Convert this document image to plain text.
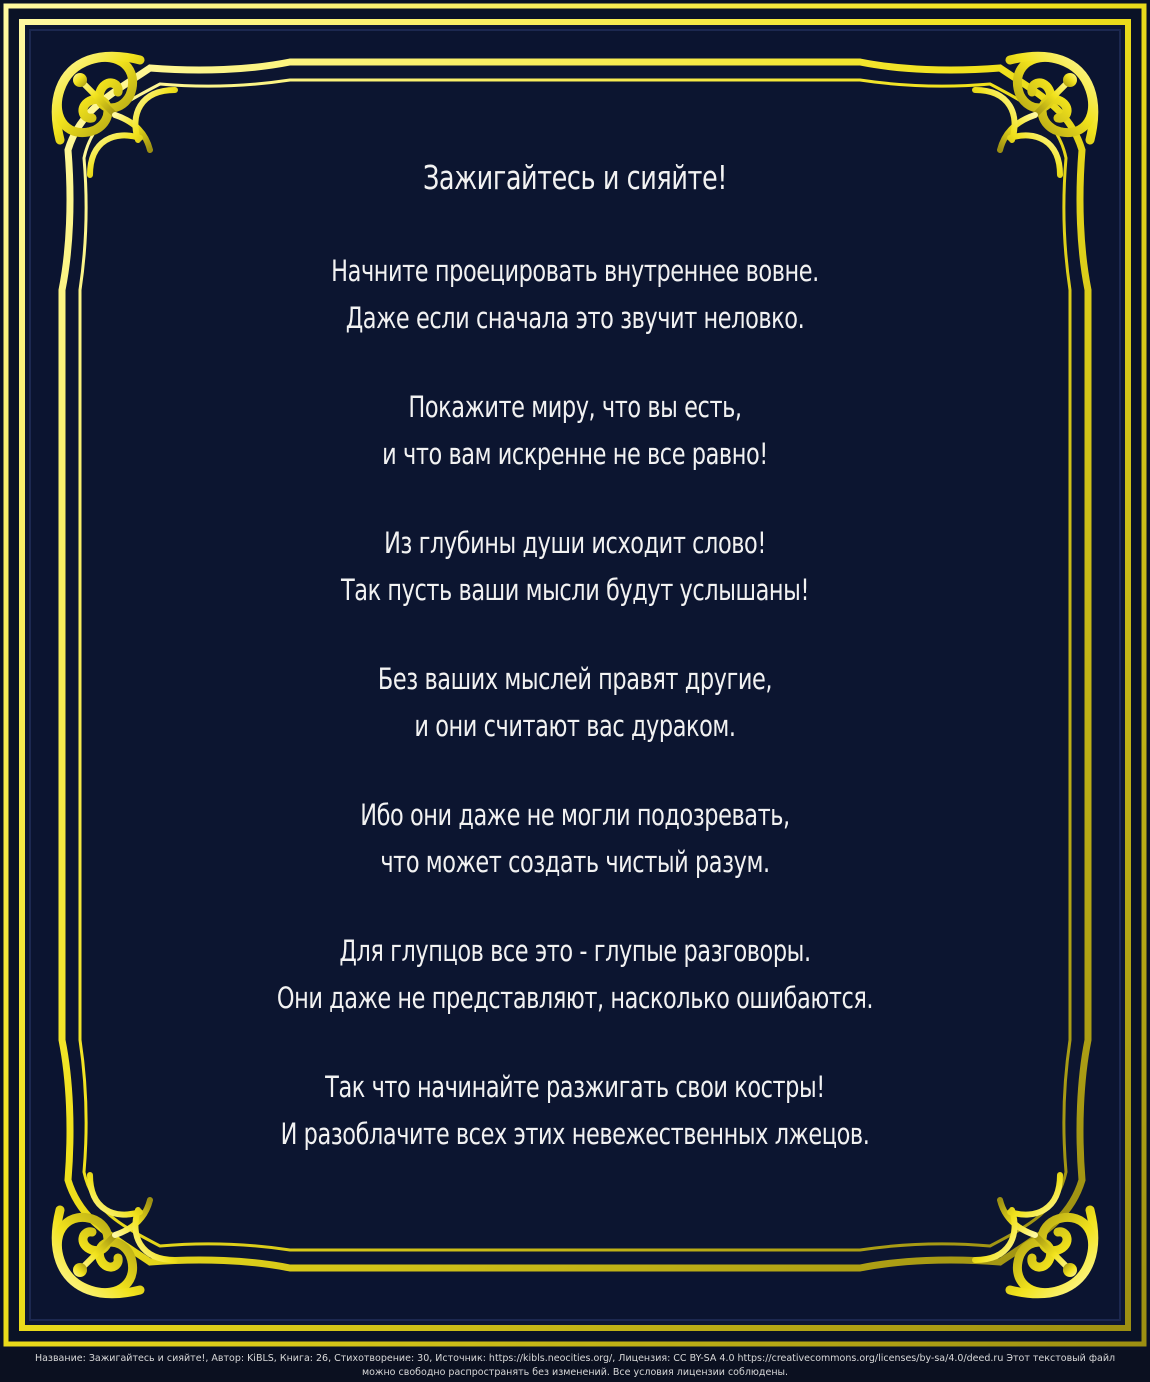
Зажигайтесь и сияйте!
Начните проецировать внутреннее вовне.
Даже если сначала это звучит неловко.
Покажите миру, что вы есть,
и что вам искренне не все равно!
Из глубины души исходит слово!
Так пусть ваши мысли будут услышаны!
Без ваших мыслей правят другие,
и они считают вас дураком.
Ибо они даже не могли подозревать,
что может создать чистый разум.
Для глупцов все это - глупые разговоры.
Они даже не представляют, насколько ошибаются.
Так что начинайте разжигать свои костры!
И разоблачите всех этих невежественных лжецов.
Название: Зажигайтесь и сияйте!, Автор: KiBLS, Книга: 26, Стихотворение: 30, Источник: https://kibls.neocities.org/, Лицензия: CC BY-SA 4.0 https://creativecommons.org/licenses/by-sa/4.0/deed.ru Этот текстовый файл
можно свободно распространять без изменений. Все условия лицензии соблюдены.
